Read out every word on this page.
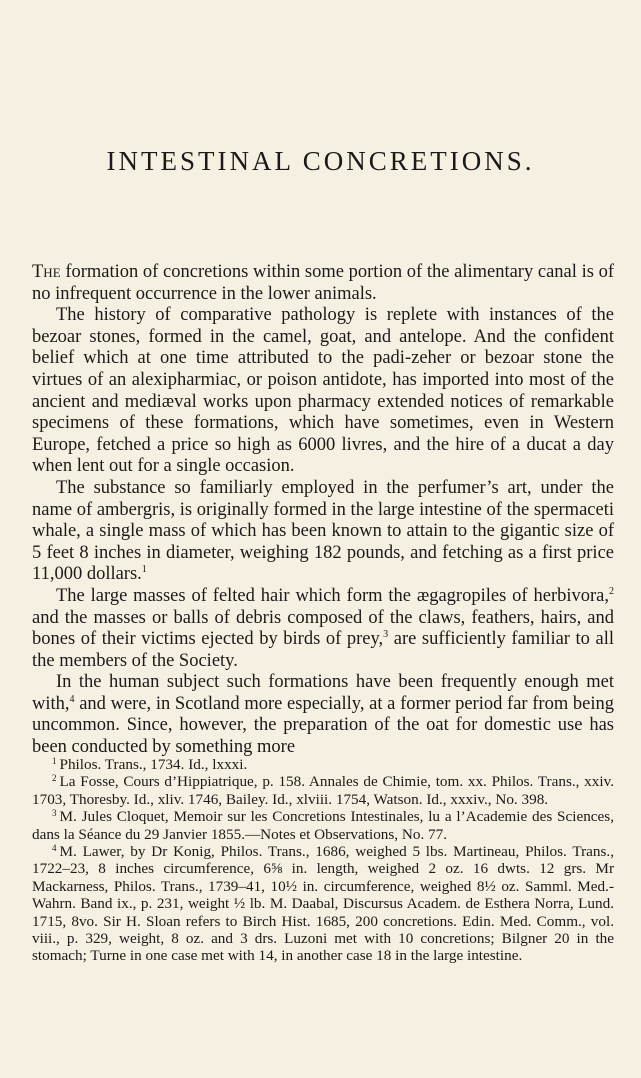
INTESTINAL CONCRETIONS.

The formation of concretions within some portion of the alimentary canal is of no infrequent occurrence in the lower animals.

The history of comparative pathology is replete with instances of the bezoar stones, formed in the camel, goat, and antelope. And the confident belief which at one time attributed to the padi-zeher or bezoar stone the virtues of an alexipharmiac, or poison antidote, has imported into most of the ancient and mediæval works upon pharmacy extended notices of remarkable specimens of these formations, which have sometimes, even in Western Europe, fetched a price so high as 6000 livres, and the hire of a ducat a day when lent out for a single occasion.

The substance so familiarly employed in the perfumer’s art, under the name of ambergris, is originally formed in the large intestine of the spermaceti whale, a single mass of which has been known to attain to the gigantic size of 5 feet 8 inches in diameter, weighing 182 pounds, and fetching as a first price 11,000 dollars.$^1$

The large masses of felted hair which form the ægagropiles of herbivora,$^2$ and the masses or balls of debris composed of the claws, feathers, hairs, and bones of their victims ejected by birds of prey,$^3$ are sufficiently familiar to all the members of the Society.

In the human subject such formations have been frequently enough met with,$^4$ and were, in Scotland more especially, at a former period far from being uncommon. Since, however, the preparation of the oat for domestic use has been conducted by something more

$^1$ Philos. Trans., 1734. Id., lxxxi.

$^2$ La Fosse, Cours d’Hippiatrique, p. 158. Annales de Chimie, tom. xx. Philos. Trans., xxiv. 1703, Thoresby. Id., xliv. 1746, Bailey. Id., xlviii. 1754, Watson. Id., xxxiv., No. 398.

$^3$ M. Jules Cloquet, Memoir sur les Concretions Intestinales, lu a l’Academie des Sciences, dans la Séance du 29 Janvier 1855.—Notes et Observations, No. 77.

$^4$ M. Lawer, by Dr Konig, Philos. Trans., 1686, weighed 5 lbs. Martineau, Philos. Trans., 1722–23, 8 inches circumference, 6⅝ in. length, weighed 2 oz. 16 dwts. 12 grs. Mr Mackarness, Philos. Trans., 1739–41, 10½ in. circumference, weighed 8½ oz. Samml. Med.-Wahrn. Band ix., p. 231, weight ½ lb. M. Daabal, Discursus Academ. de Esthera Norra, Lund. 1715, 8vo. Sir H. Sloan refers to Birch Hist. 1685, 200 concretions. Edin. Med. Comm., vol. viii., p. 329, weight, 8 oz. and 3 drs. Luzoni met with 10 concretions; Bilgner 20 in the stomach; Turne in one case met with 14, in another case 18 in the large intestine.
